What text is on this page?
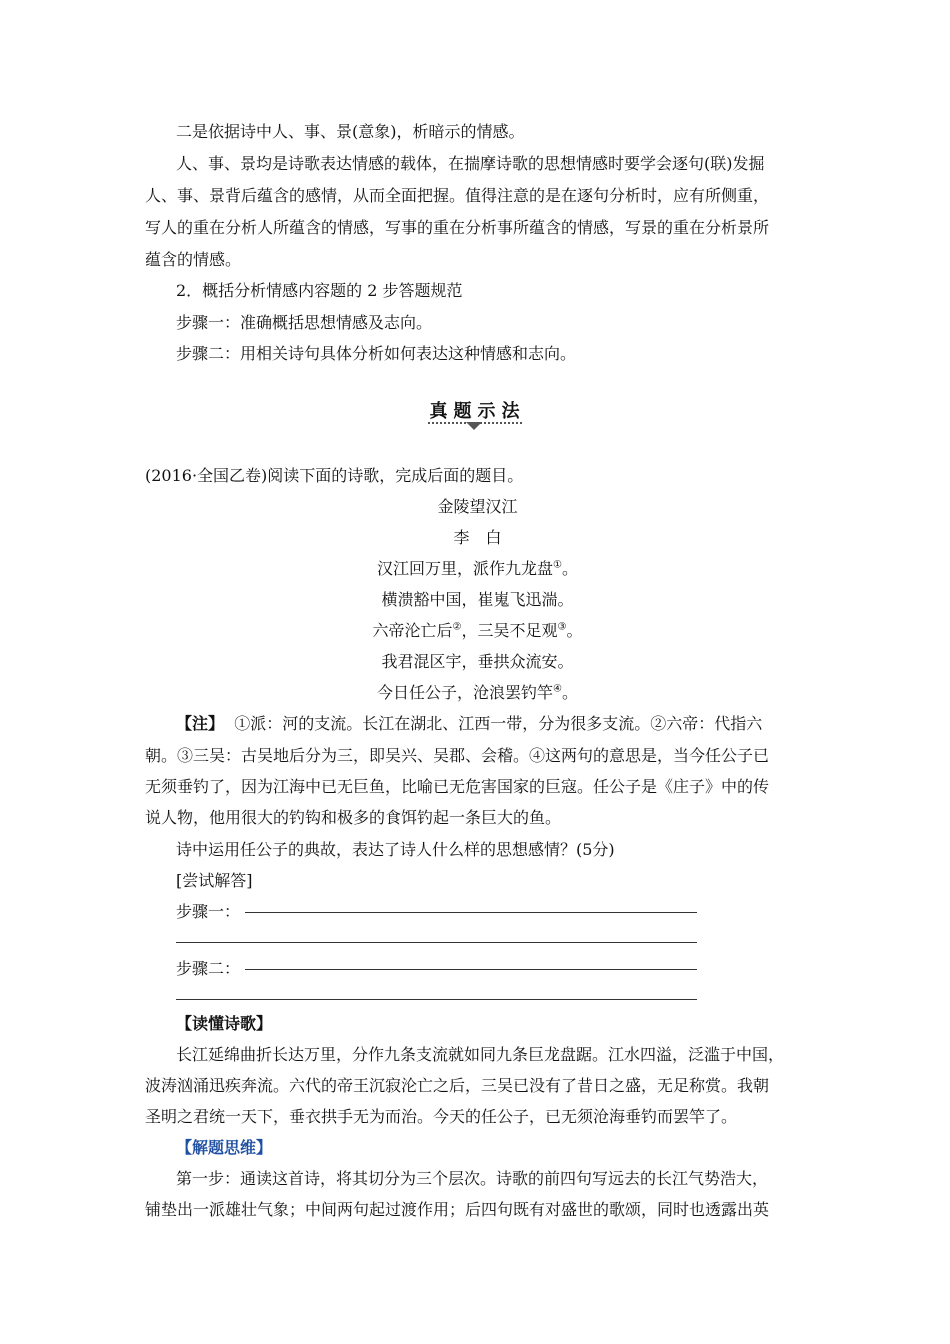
二是依据诗中人、事、景(意象)，析暗示的情感。
人、事、景均是诗歌表达情感的载体，在揣摩诗歌的思想情感时要学会逐句(联)发掘
人、事、景背后蕴含的感情，从而全面把握。值得注意的是在逐句分析时，应有所侧重，
写人的重在分析人所蕴含的情感，写事的重在分析事所蕴含的情感，写景的重在分析景所
蕴含的情感。
2．概括分析情感内容题的 2 步答题规范
步骤一：准确概括思想情感及志向。
步骤二：用相关诗句具体分析如何表达这种情感和志向。
真题示法
(2016·全国乙卷)阅读下面的诗歌，完成后面的题目。
金陵望汉江
李　白
汉江回万里，派作九龙盘①。
横溃豁中国，崔嵬飞迅湍。
六帝沦亡后②，三吴不足观③。
我君混区宇，垂拱众流安。
今日任公子，沧浪罢钓竿④。
【注】 ①派：河的支流。长江在湖北、江西一带，分为很多支流。②六帝：代指六
朝。③三吴：古吴地后分为三，即吴兴、吴郡、会稽。④这两句的意思是，当今任公子已
无须垂钓了，因为江海中已无巨鱼，比喻已无危害国家的巨寇。任公子是《庄子》中的传
说人物，他用很大的钓钩和极多的食饵钓起一条巨大的鱼。
诗中运用任公子的典故，表达了诗人什么样的思想感情？(5分)
[尝试解答]
步骤一：
步骤二：
【读懂诗歌】
长江延绵曲折长达万里，分作九条支流就如同九条巨龙盘踞。江水四溢，泛滥于中国，
波涛汹涌迅疾奔流。六代的帝王沉寂沦亡之后，三吴已没有了昔日之盛，无足称赏。我朝
圣明之君统一天下，垂衣拱手无为而治。今天的任公子，已无须沧海垂钓而罢竿了。
【解题思维】
第一步：通读这首诗，将其切分为三个层次。诗歌的前四句写远去的长江气势浩大，
铺垫出一派雄壮气象；中间两句起过渡作用；后四句既有对盛世的歌颂，同时也透露出英
